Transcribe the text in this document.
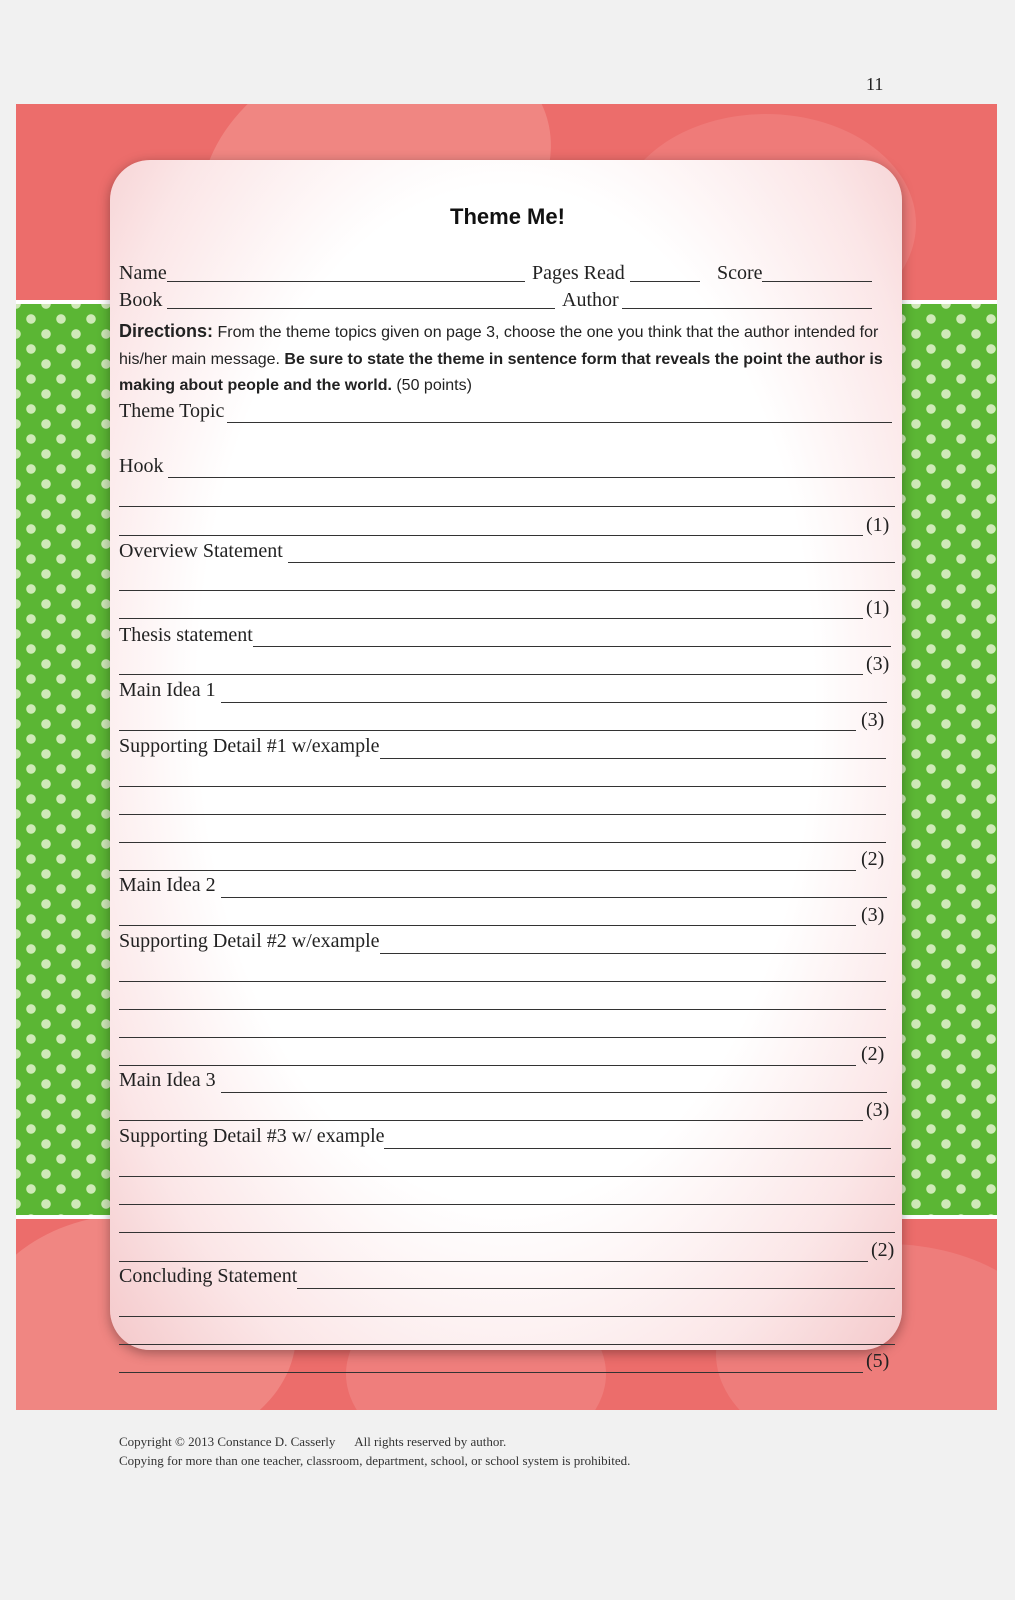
11
Theme Me!
Name	Pages Read	Score
Book	Author
Directions: From the theme topics given on page 3, choose the one you think that the author intended for his/her main message. Be sure to state the theme in sentence form that reveals the point the author is making about people and the world. (50 points)
Theme Topic
Hook
(1)
Overview Statement
(1)
Thesis statement
(3)
Main Idea 1
(3)
Supporting Detail #1 w/example
(2)
Main Idea 2
(3)
Supporting Detail #2 w/example
(2)
Main Idea 3
(3)
Supporting Detail #3 w/ example
(2)
Concluding Statement
(5)
Copyright © 2013 Constance D. Casserly      All rights reserved by author.
Copying for more than one teacher, classroom, department, school, or school system is prohibited.
